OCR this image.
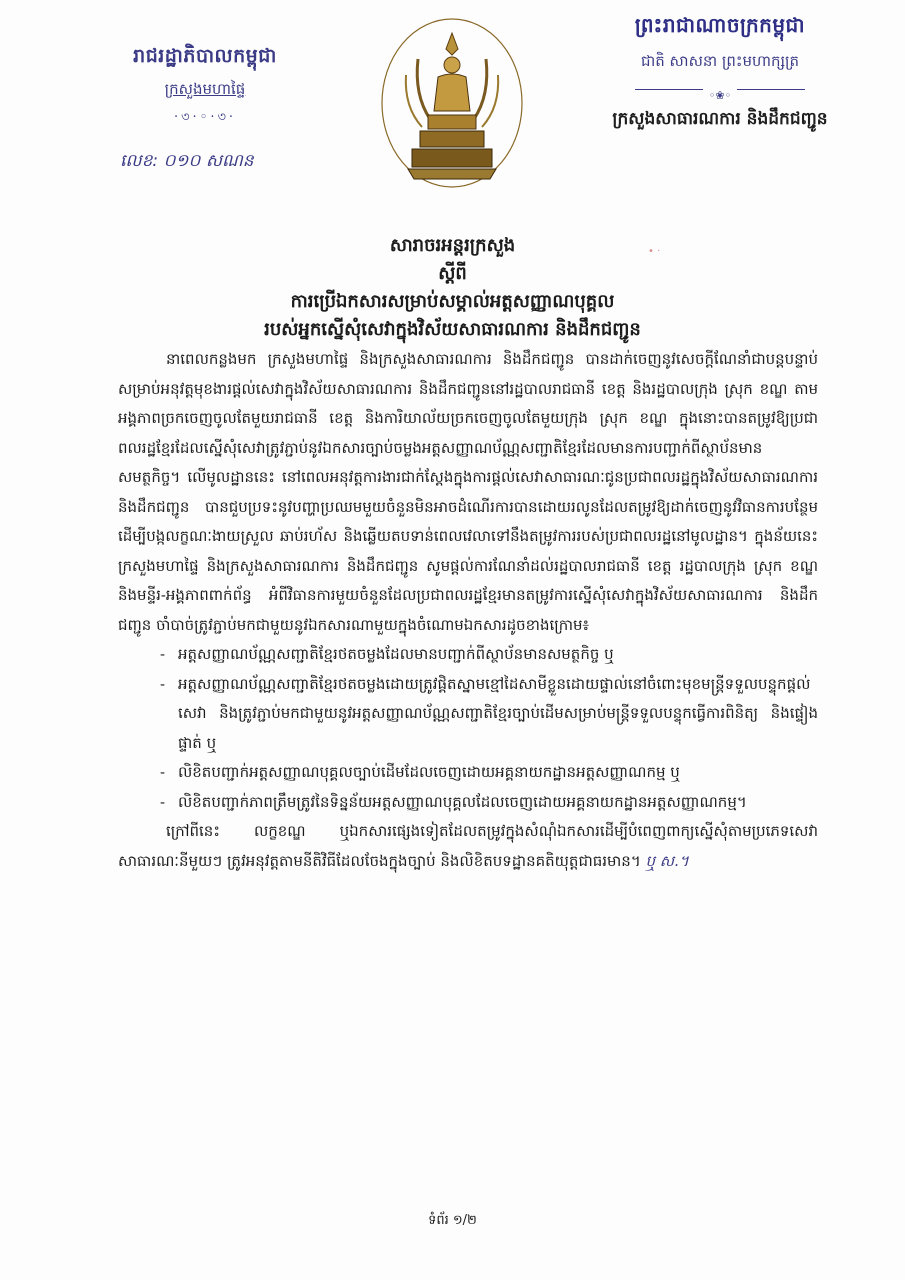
រាជរដ្ឋាភិបាលកម្ពុជា
ក្រសួងមហាផ្ទៃ
·৩·◦·৩·
លេខ: ០១០ សណន
ព្រះរាជាណាចក្រកម្ពុជា
ជាតិ សាសនា ព្រះមហាក្សត្រ
◦❀◦
ក្រសួងសាធារណការ និងដឹកជញ្ជូន
• ·
សារាចរអន្តរក្រសួង
ស្តីពី
ការប្រើឯកសារសម្រាប់សម្គាល់អត្តសញ្ញាណបុគ្គល
របស់អ្នកស្នើសុំសេវាក្នុងវិស័យសាធារណការ និងដឹកជញ្ជូន

នាពេលកន្លងមក ក្រសួងមហាផ្ទៃ និងក្រសួងសាធារណការ និងដឹកជញ្ជូន បានដាក់ចេញនូវសេចក្តីណែនាំជាបន្តបន្ទាប់សម្រាប់អនុវត្តមុខងារផ្តល់សេវាក្នុងវិស័យសាធារណការ និងដឹកជញ្ជូននៅរដ្ឋបាលរាជធានី ខេត្ត និងរដ្ឋបាលក្រុង ស្រុក ខណ្ឌ តាមអង្គភាពច្រកចេញចូលតែមួយរាជធានី ខេត្ត និងការិយាល័យច្រកចេញចូលតែមួយក្រុង ស្រុក ខណ្ឌ ក្នុងនោះបានតម្រូវឱ្យប្រជាពលរដ្ឋខ្មែរដែលស្នើសុំសេវាត្រូវភ្ជាប់នូវឯកសារច្បាប់ចម្លងអត្តសញ្ញាណប័ណ្ណសញ្ជាតិខ្មែរដែលមានការបញ្ជាក់ពីស្ថាប័នមានសមត្ថកិច្ច។ លើមូលដ្ឋាននេះ នៅពេលអនុវត្តការងារជាក់ស្តែងក្នុងការផ្តល់សេវាសាធារណៈជូនប្រជាពលរដ្ឋក្នុងវិស័យសាធារណការ និងដឹកជញ្ជូន បានជួបប្រទះនូវបញ្ហាប្រឈមមួយចំនួនមិនអាចដំណើរការបានដោយរលូនដែលតម្រូវឱ្យដាក់ចេញនូវវិធានការបន្ថែម ដើម្បីបង្កលក្ខណៈងាយស្រួល ឆាប់រហ័ស និងឆ្លើយតបទាន់ពេលវេលាទៅនឹងតម្រូវការរបស់ប្រជាពលរដ្ឋនៅមូលដ្ឋាន។ ក្នុងន័យនេះ ក្រសួងមហាផ្ទៃ និងក្រសួងសាធារណការ និងដឹកជញ្ជូន សូមផ្តល់ការណែនាំដល់រដ្ឋបាលរាជធានី ខេត្ត រដ្ឋបាលក្រុង ស្រុក ខណ្ឌ និងមន្ទីរ-អង្គភាពពាក់ព័ន្ធ អំពីវិធានការមួយចំនួនដែលប្រជាពលរដ្ឋខ្មែរមានតម្រូវការស្នើសុំសេវាក្នុងវិស័យសាធារណការ និងដឹកជញ្ជូន ចាំបាច់ត្រូវភ្ជាប់មកជាមួយនូវឯកសារណាមួយក្នុងចំណោមឯកសារដូចខាងក្រោម៖

- អត្តសញ្ញាណប័ណ្ណសញ្ជាតិខ្មែរថតចម្លងដែលមានបញ្ជាក់ពីស្ថាប័នមានសមត្ថកិច្ច ឬ
- អត្តសញ្ញាណប័ណ្ណសញ្ជាតិខ្មែរថតចម្លងដោយត្រូវផ្តិតស្នាមខ្មៅដៃសាមីខ្លួនដោយផ្ទាល់នៅចំពោះមុខមន្ត្រីទទួលបន្ទុកផ្តល់សេវា និងត្រូវភ្ជាប់មកជាមួយនូវអត្តសញ្ញាណប័ណ្ណសញ្ជាតិខ្មែរច្បាប់ដើមសម្រាប់មន្ត្រីទទួលបន្ទុកធ្វើការពិនិត្យ និងផ្ទៀងផ្ទាត់ ឬ
- លិខិតបញ្ជាក់អត្តសញ្ញាណបុគ្គលច្បាប់ដើមដែលចេញដោយអគ្គនាយកដ្ឋានអត្តសញ្ញាណកម្ម ឬ
- លិខិតបញ្ជាក់ភាពត្រឹមត្រូវនៃទិន្នន័យអត្តសញ្ញាណបុគ្គលដែលចេញដោយអគ្គនាយកដ្ឋានអត្តសញ្ញាណកម្ម។

ក្រៅពីនេះ លក្ខខណ្ឌ ឬឯកសារផ្សេងទៀតដែលតម្រូវក្នុងសំណុំឯកសារដើម្បីបំពេញពាក្យស្នើសុំតាមប្រភេទសេវាសាធារណៈនីមួយៗ ត្រូវអនុវត្តតាមនីតិវិធីដែលចែងក្នុងច្បាប់ និងលិខិតបទដ្ឋានគតិយុត្តជាធរមាន។ ឬ ស.។

ទំព័រ ១/២
